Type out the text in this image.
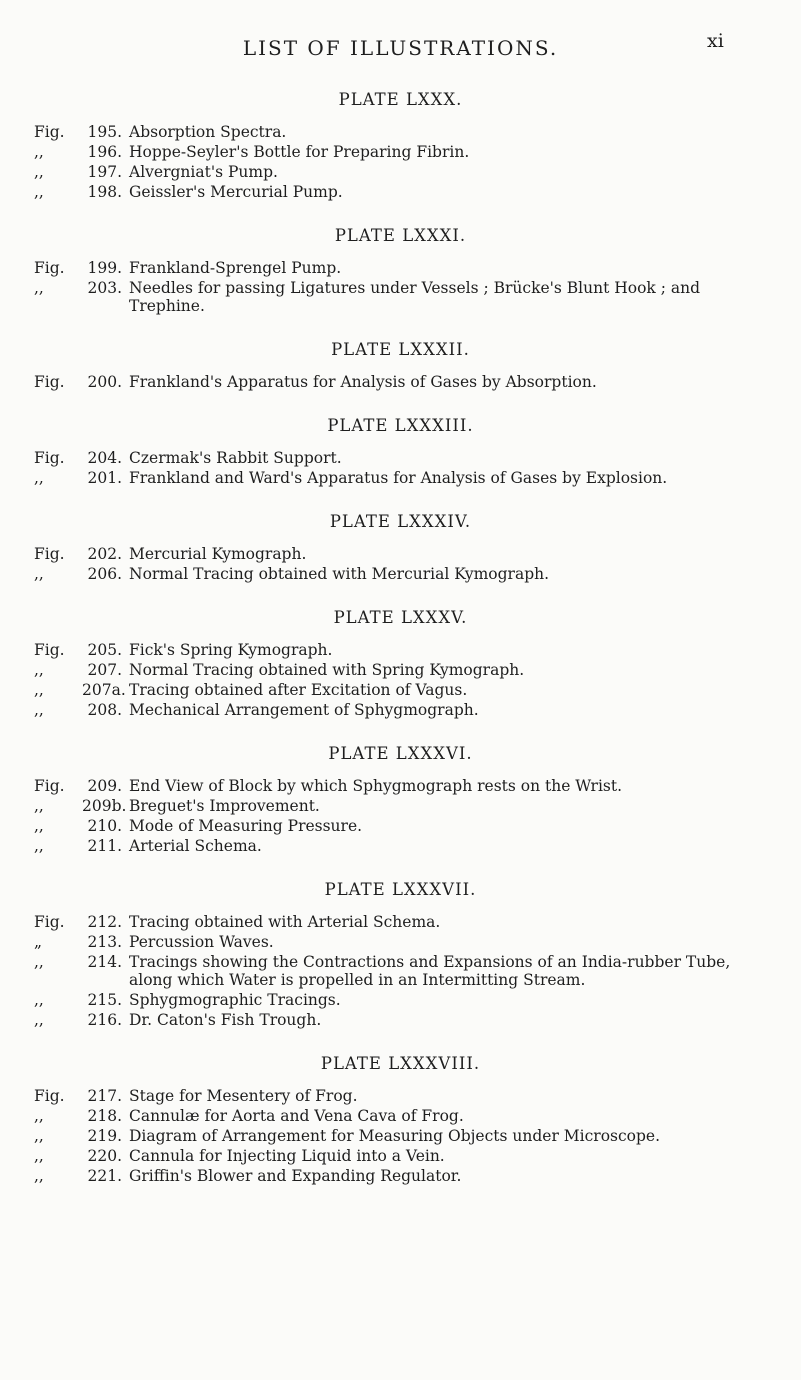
LIST OF ILLUSTRATIONS.	xi
PLATE LXXX.
Fig.	195. Absorption Spectra.
,,	196. Hoppe-Seyler's Bottle for Preparing Fibrin.
,,	197. Alvergniat's Pump.
,,	198. Geissler's Mercurial Pump.
PLATE LXXXI.
Fig.	199. Frankland-Sprengel Pump.
,,	203. Needles for passing Ligatures under Vessels ; Brücke's Blunt Hook ; and Trephine.
PLATE LXXXII.
Fig.	200. Frankland's Apparatus for Analysis of Gases by Absorption.
PLATE LXXXIII.
Fig.	204. Czermak's Rabbit Support.
,,	201. Frankland and Ward's Apparatus for Analysis of Gases by Explosion.
PLATE LXXXIV.
Fig.	202. Mercurial Kymograph.
,,	206. Normal Tracing obtained with Mercurial Kymograph.
PLATE LXXXV.
Fig.	205. Fick's Spring Kymograph.
,,	207. Normal Tracing obtained with Spring Kymograph.
,,	207a. Tracing obtained after Excitation of Vagus.
,,	208. Mechanical Arrangement of Sphygmograph.
PLATE LXXXVI.
Fig.	209. End View of Block by which Sphygmograph rests on the Wrist.
,,	209b. Breguet's Improvement.
,,	210. Mode of Measuring Pressure.
,,	211. Arterial Schema.
PLATE LXXXVII.
Fig.	212. Tracing obtained with Arterial Schema.
„	213. Percussion Waves.
,,	214. Tracings showing the Contractions and Expansions of an India-rubber Tube, along which Water is propelled in an Intermitting Stream.
,,	215. Sphygmographic Tracings.
,,	216. Dr. Caton's Fish Trough.
PLATE LXXXVIII.
Fig.	217. Stage for Mesentery of Frog.
,,	218. Cannulæ for Aorta and Vena Cava of Frog.
,,	219. Diagram of Arrangement for Measuring Objects under Microscope.
,,	220. Cannula for Injecting Liquid into a Vein.
,,	221. Griffin's Blower and Expanding Regulator.
